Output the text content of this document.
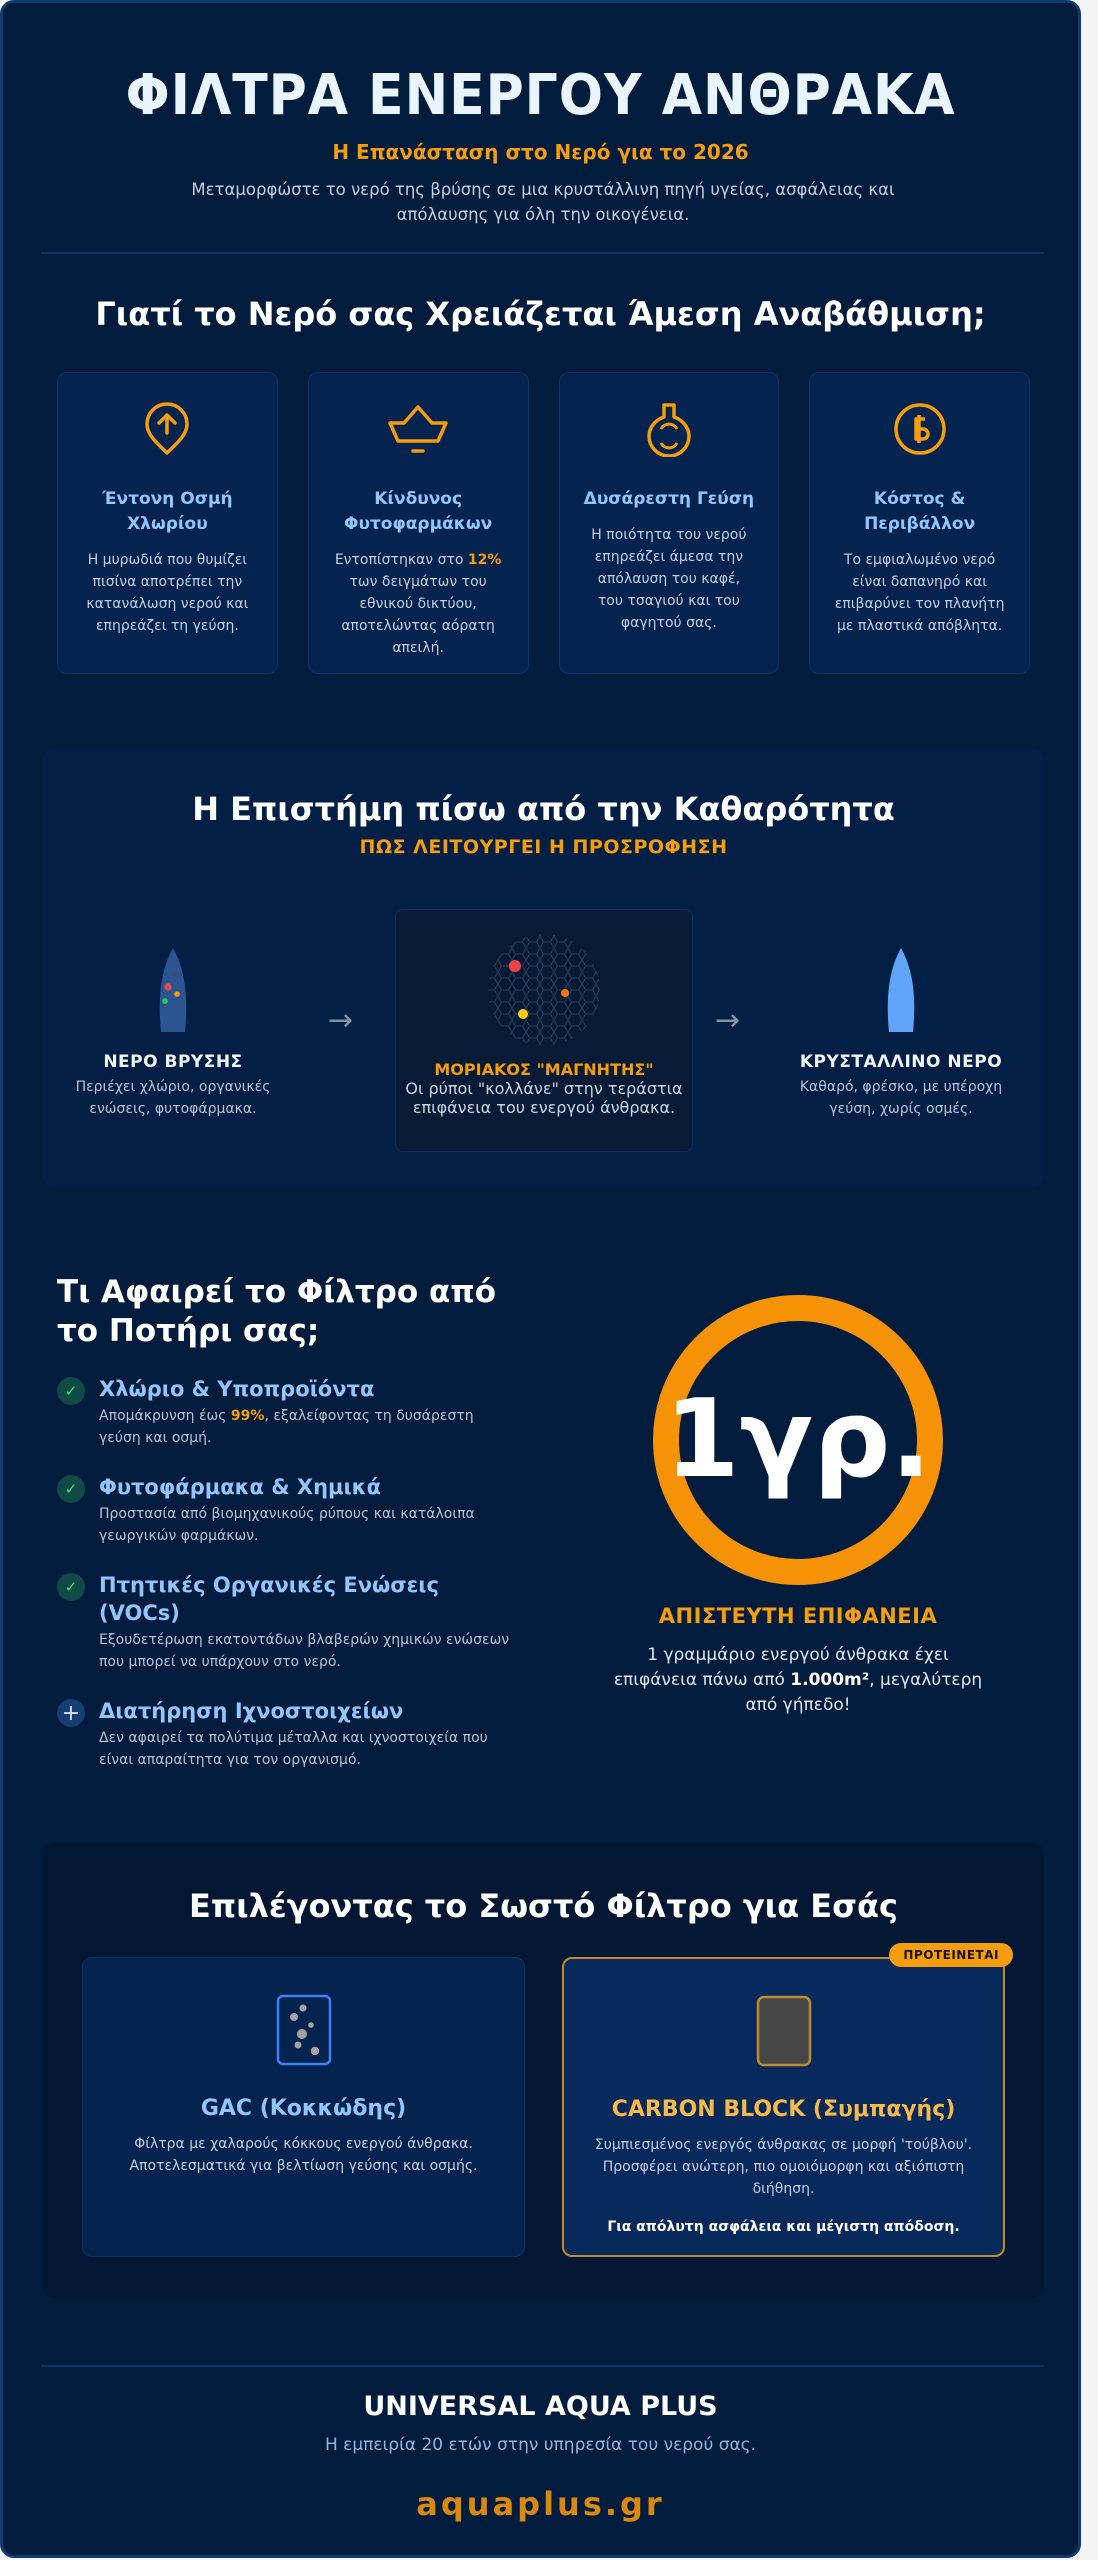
ΦΙΛΤΡΑ ΕΝΕΡΓΟΥ ΑΝΘΡΑΚΑ
Η Επανάσταση στο Νερό για το 2026

Μεταμορφώστε το νερό της βρύσης σε μια κρυστάλλινη πηγή υγείας, ασφάλειας και απόλαυσης για όλη την οικογένεια.

Γιατί το Νερό σας Χρειάζεται Άμεση Αναβάθμιση;
Έντονη Οσμή Χλωρίου

Η μυρωδιά που θυμίζει πισίνα αποτρέπει την κατανάλωση νερού και επηρεάζει τη γεύση.

Κίνδυνος Φυτοφαρμάκων

Εντοπίστηκαν στο 12% των δειγμάτων του εθνικού δικτύου, αποτελώντας αόρατη απειλή.

Δυσάρεστη Γεύση

Η ποιότητα του νερού επηρεάζει άμεσα την απόλαυση του καφέ, του τσαγιού και του φαγητού σας.

Κόστος & Περιβάλλον

Το εμφιαλωμένο νερό είναι δαπανηρό και επιβαρύνει τον πλανήτη με πλαστικά απόβλητα.

Η Επιστήμη πίσω από την Καθαρότητα
ΠΩΣ ΛΕΙΤΟΥΡΓΕΙ Η ΠΡΟΣΡΟΦΗΣΗ
ΝΕΡΟ ΒΡΥΣΗΣ

Περιέχει χλώριο, οργανικές ενώσεις, φυτοφάρμακα.

→
ΜΟΡΙΑΚΟΣ "ΜΑΓΝΗΤΗΣ"

Οι ρύποι "κολλάνε" στην τεράστια επιφάνεια του ενεργού άνθρακα.

→
ΚΡΥΣΤΑΛΛΙΝΟ ΝΕΡΟ

Καθαρό, φρέσκο, με υπέροχη γεύση, χωρίς οσμές.

Τι Αφαιρεί το Φίλτρο από το Ποτήρι σας;
✓	Χλώριο & Υποπροϊόντα

Απομάκρυνση έως 99%, εξαλείφοντας τη δυσάρεστη γεύση και οσμή.

✓	Φυτοφάρμακα & Χημικά

Προστασία από βιομηχανικούς ρύπους και κατάλοιπα γεωργικών φαρμάκων.

✓	Πτητικές Οργανικές Ενώσεις (VOCs)

Εξουδετέρωση εκατοντάδων βλαβερών χημικών ενώσεων που μπορεί να υπάρχουν στο νερό.

+ Διατήρηση Ιχνοστοιχείων

Δεν αφαιρεί τα πολύτιμα μέταλλα και ιχνοστοιχεία που είναι απαραίτητα για τον οργανισμό.

1γρ.
ΑΠΙΣΤΕΥΤΗ ΕΠΙΦΑΝΕΙΑ

1 γραμμάριο ενεργού άνθρακα έχει επιφάνεια πάνω από 1.000m², μεγαλύτερη από γήπεδο!

Επιλέγοντας το Σωστό Φίλτρο για Εσάς
GAC (Κοκκώδης)

Φίλτρα με χαλαρούς κόκκους ενεργού άνθρακα. Αποτελεσματικά για βελτίωση γεύσης και οσμής.

ΠΡΟΤΕΙΝΕΤΑΙ
CARBON BLOCK (Συμπαγής)

Συμπιεσμένος ενεργός άνθρακας σε μορφή 'τούβλου'. Προσφέρει ανώτερη, πιο ομοιόμορφη και αξιόπιστη διήθηση.

Για απόλυτη ασφάλεια και μέγιστη απόδοση.

UNIVERSAL AQUA PLUS
Η εμπειρία 20 ετών στην υπηρεσία του νερού σας.
aquaplus.gr
